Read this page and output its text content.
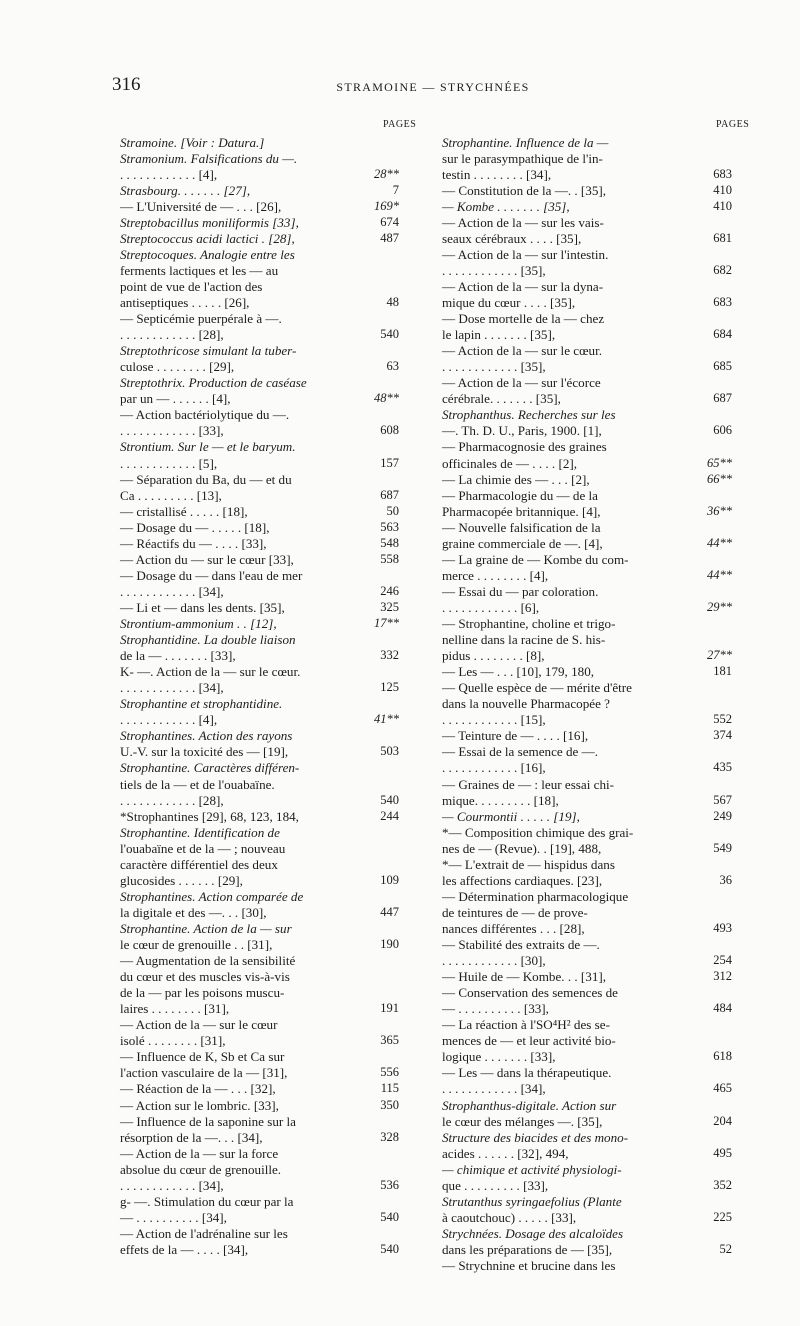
316	STRAMOINE — STRYCHNÉES
PAGES
Stramoine. [Voir : Datura.]
Stramonium. Falsifications du —.
. . . . . . . . . . . . [4],	28**
Strasbourg. . . . . . . [27],	7
— L'Université de — . . . [26],	169*
Streptobacillus moniliformis [33],	674
Streptococcus acidi lactici . [28],	487
Streptocoques. Analogie entre les
ferments lactiques et les — au
point de vue de l'action des
antiseptiques . . . . . [26],	48
— Septicémie puerpérale à —.
. . . . . . . . . . . . [28],	540
Streptothricose simulant la tuber-
culose . . . . . . . . [29],	63
Streptothrix. Production de caséase
par un — . . . . . . [4],	48**
— Action bactériolytique du —.
. . . . . . . . . . . . [33],	608
Strontium. Sur le — et le baryum.
. . . . . . . . . . . . [5],	157
— Séparation du Ba, du — et du
Ca . . . . . . . . . [13],	687
— cristallisé . . . . . [18],	50
— Dosage du — . . . . . [18],	563
— Réactifs du — . . . . [33],	548
— Action du — sur le cœur [33],	558
— Dosage du — dans l'eau de mer
. . . . . . . . . . . . [34],	246
— Li et — dans les dents. [35],	325
Strontium-ammonium . . [12],	17**
Strophantidine. La double liaison
de la — . . . . . . . [33],	332
K- —. Action de la — sur le cœur.
. . . . . . . . . . . . [34],	125
Strophantine et strophantidine.
. . . . . . . . . . . . [4],	41**
Strophantines. Action des rayons
U.-V. sur la toxicité des — [19],	503
Strophantine. Caractères différen-
tiels de la — et de l'ouabaïne.
. . . . . . . . . . . . [28],	540
*Strophantines [29], 68, 123, 184,	244
Strophantine. Identification de
l'ouabaïne et de la — ; nouveau
caractère différentiel des deux
glucosides . . . . . . [29],	109
Strophantines. Action comparée de
la digitale et des —. . . [30],	447
Strophantine. Action de la — sur
le cœur de grenouille . . [31],	190
— Augmentation de la sensibilité
du cœur et des muscles vis-à-vis
de la — par les poisons muscu-
laires . . . . . . . . [31],	191
— Action de la — sur le cœur
isolé . . . . . . . . [31],	365
— Influence de K, Sb et Ca sur
l'action vasculaire de la — [31],	556
— Réaction de la — . . . [32],	115
— Action sur le lombric. [33],	350
— Influence de la saponine sur la
résorption de la —. . . [34],	328
— Action de la — sur la force
absolue du cœur de grenouille.
. . . . . . . . . . . . [34],	536
g- —. Stimulation du cœur par la
— . . . . . . . . . . [34],	540
— Action de l'adrénaline sur les
effets de la — . . . . [34],	540
PAGES
Strophantine. Influence de la —
sur le parasympathique de l'in-
testin . . . . . . . . [34],	683
— Constitution de la —. . [35],	410
— Kombe . . . . . . . [35],	410
— Action de la — sur les vais-
seaux cérébraux . . . . [35],	681
— Action de la — sur l'intestin.
. . . . . . . . . . . . [35],	682
— Action de la — sur la dyna-
mique du cœur . . . . [35],	683
— Dose mortelle de la — chez
le lapin . . . . . . . [35],	684
— Action de la — sur le cœur.
. . . . . . . . . . . . [35],	685
— Action de la — sur l'écorce
cérébrale. . . . . . . [35],	687
Strophanthus. Recherches sur les
—. Th. D. U., Paris, 1900. [1],	606
— Pharmacognosie des graines
officinales de — . . . . [2],	65**
— La chimie des — . . . [2],	66**
— Pharmacologie du — de la
Pharmacopée britannique. [4],	36**
— Nouvelle falsification de la
graine commerciale de —. [4],	44**
— La graine de — Kombe du com-
merce . . . . . . . . [4],	44**
— Essai du — par coloration.
. . . . . . . . . . . . [6],	29**
— Strophantine, choline et trigo-
nelline dans la racine de S. his-
pidus . . . . . . . . [8],	27**
— Les — . . . [10], 179, 180,	181
— Quelle espèce de — mérite d'être
dans la nouvelle Pharmacopée ?
. . . . . . . . . . . . [15],	552
— Teinture de — . . . . [16],	374
— Essai de la semence de —.
. . . . . . . . . . . . [16],	435
— Graines de — : leur essai chi-
mique. . . . . . . . . [18],	567
— Courmontii . . . . . [19],	249
*— Composition chimique des grai-
nes de — (Revue). . [19], 488,	549
*— L'extrait de — hispidus dans
les affections cardiaques. [23],	36
— Détermination pharmacologique
de teintures de — de prove-
nances différentes . . . [28],	493
— Stabilité des extraits de —.
. . . . . . . . . . . . [30],	254
— Huile de — Kombe. . . [31],	312
— Conservation des semences de
— . . . . . . . . . . [33],	484
— La réaction à l'SO⁴H² des se-
mences de — et leur activité bio-
logique . . . . . . . [33],	618
— Les — dans la thérapeutique.
. . . . . . . . . . . . [34],	465
Strophanthus-digitale. Action sur
le cœur des mélanges —. [35],	204
Structure des biacides et des mono-
acides . . . . . . [32], 494,	495
— chimique et activité physiologi-
que . . . . . . . . . [33],	352
Strutanthus syringaefolius (Plante
à caoutchouc) . . . . . [33],	225
Strychnées. Dosage des alcaloïdes
dans les préparations de — [35],	52
— Strychnine et brucine dans les
